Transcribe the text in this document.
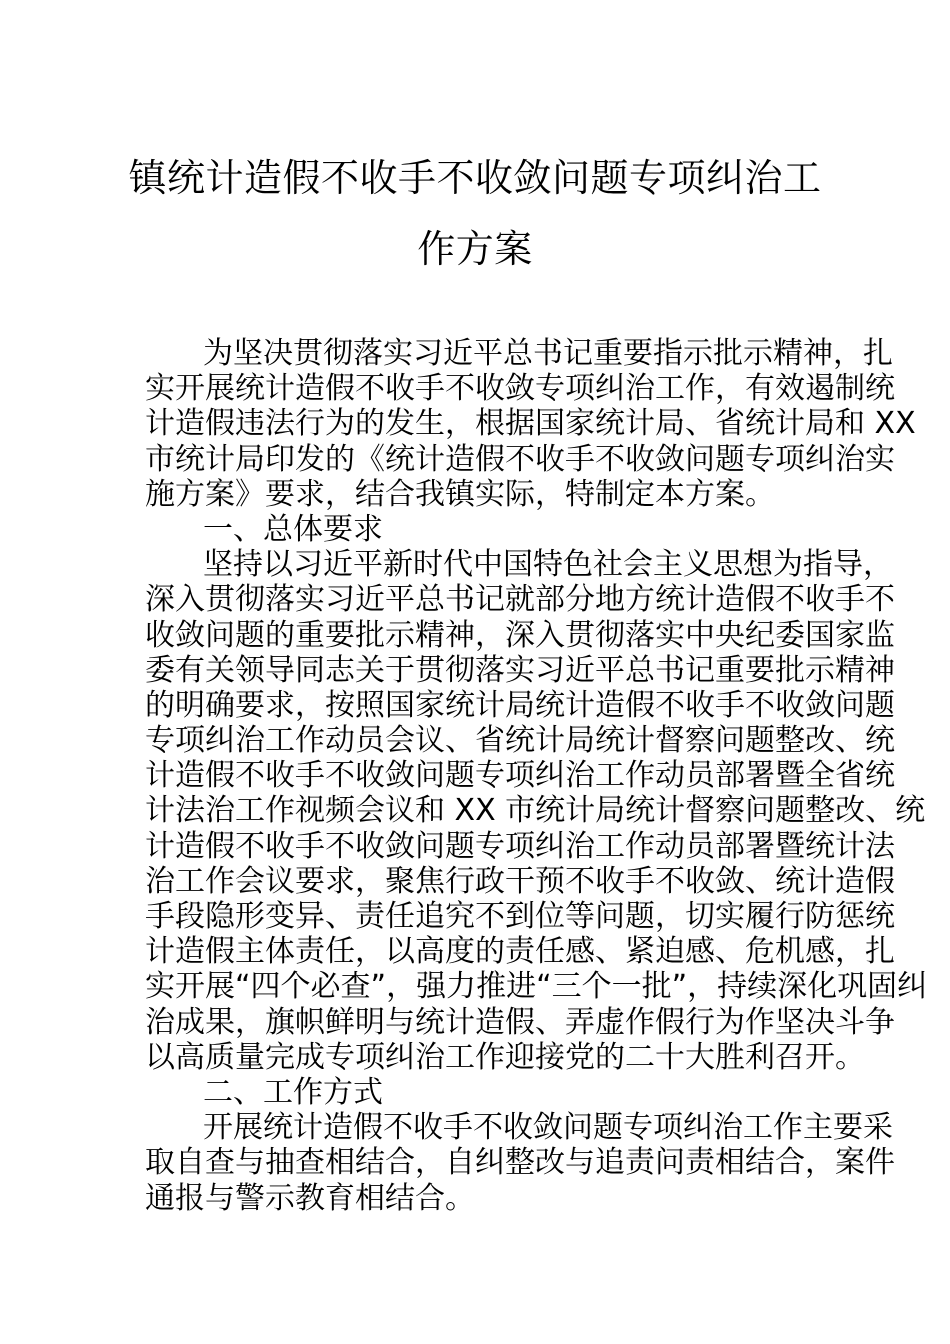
镇统计造假不收手不收敛问题专项纠治工
作方案
为坚决贯彻落实习近平总书记重要指示批示精神，扎
实开展统计造假不收手不收敛专项纠治工作，有效遏制统
计造假违法行为的发生，根据国家统计局、省统计局和 XX
市统计局印发的《统计造假不收手不收敛问题专项纠治实
施方案》要求，结合我镇实际，特制定本方案。
一、总体要求
坚持以习近平新时代中国特色社会主义思想为指导，
深入贯彻落实习近平总书记就部分地方统计造假不收手不
收敛问题的重要批示精神，深入贯彻落实中央纪委国家监
委有关领导同志关于贯彻落实习近平总书记重要批示精神
的明确要求，按照国家统计局统计造假不收手不收敛问题
专项纠治工作动员会议、省统计局统计督察问题整改、统
计造假不收手不收敛问题专项纠治工作动员部署暨全省统
计法治工作视频会议和 XX 市统计局统计督察问题整改、统
计造假不收手不收敛问题专项纠治工作动员部署暨统计法
治工作会议要求，聚焦行政干预不收手不收敛、统计造假
手段隐形变异、责任追究不到位等问题，切实履行防惩统
计造假主体责任，以高度的责任感、紧迫感、危机感，扎
实开展“四个必查”，强力推进“三个一批”，持续深化巩固纠
治成果，旗帜鲜明与统计造假、弄虚作假行为作坚决斗争
以高质量完成专项纠治工作迎接党的二十大胜利召开。
二、工作方式
开展统计造假不收手不收敛问题专项纠治工作主要采
取自查与抽查相结合，自纠整改与追责问责相结合，案件
通报与警示教育相结合。
